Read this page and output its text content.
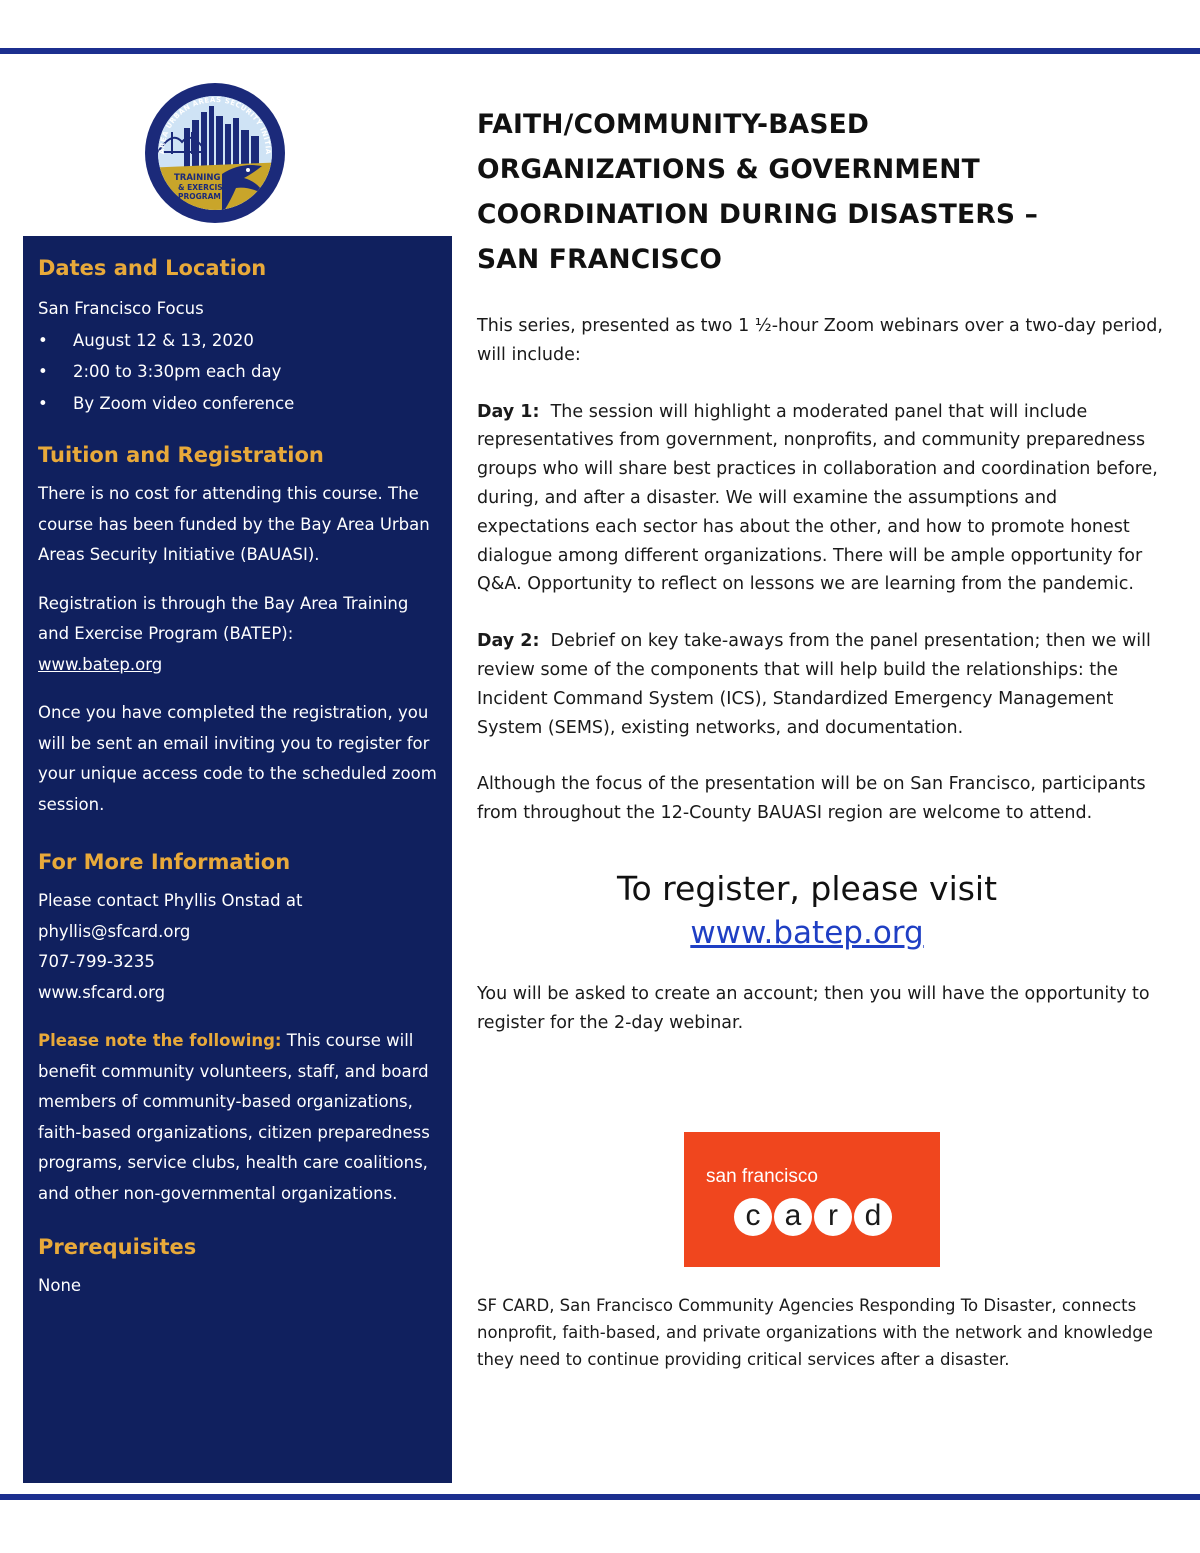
AREA URBAN AREAS SECURITY INITIA
TRAINING
& EXERCISE
PROGRAM
Dates and Location

San Francisco Focus

• August 12 & 13, 2020
• 2:00 to 3:30pm each day
• By Zoom video conference
Tuition and Registration

There is no cost for attending this course. The course has been funded by the Bay Area Urban Areas Security Initiative (BAUASI).

Registration is through the Bay Area Training and Exercise Program (BATEP):

www.batep.org

Once you have completed the registration, you will be sent an email inviting you to register for your unique access code to the scheduled zoom session.

For More Information

Please contact Phyllis Onstad at

phyllis@sfcard.org

707-799-3235

www.sfcard.org

Please note the following: This course will benefit community volunteers, staff, and board members of community-based organizations, faith-based organizations, citizen preparedness programs, service clubs, health care coalitions, and other non-governmental organizations.

Prerequisites

None

FAITH/COMMUNITY-BASED
ORGANIZATIONS & GOVERNMENT
COORDINATION DURING DISASTERS –
SAN FRANCISCO

This series, presented as two 1 ½-hour Zoom webinars over a two-day period, will include:

Day 1:  The session will highlight a moderated panel that will include representatives from government, nonprofits, and community preparedness groups who will share best practices in collaboration and coordination before, during, and after a disaster. We will examine the assumptions and expectations each sector has about the other, and how to promote honest dialogue among different organizations. There will be ample opportunity for Q&A. Opportunity to reflect on lessons we are learning from the pandemic.

Day 2:  Debrief on key take-aways from the panel presentation; then we will review some of the components that will help build the relationships: the Incident Command System (ICS), Standardized Emergency Management System (SEMS), existing networks, and documentation.

Although the focus of the presentation will be on San Francisco, participants from throughout the 12-County BAUASI region are welcome to attend.

To register, please visit
www.batep.org

You will be asked to create an account; then you will have the opportunity to register for the 2-day webinar.

san francisco
c a r d

SF CARD, San Francisco Community Agencies Responding To Disaster, connects nonprofit, faith-based, and private organizations with the network and knowledge they need to continue providing critical services after a disaster.
